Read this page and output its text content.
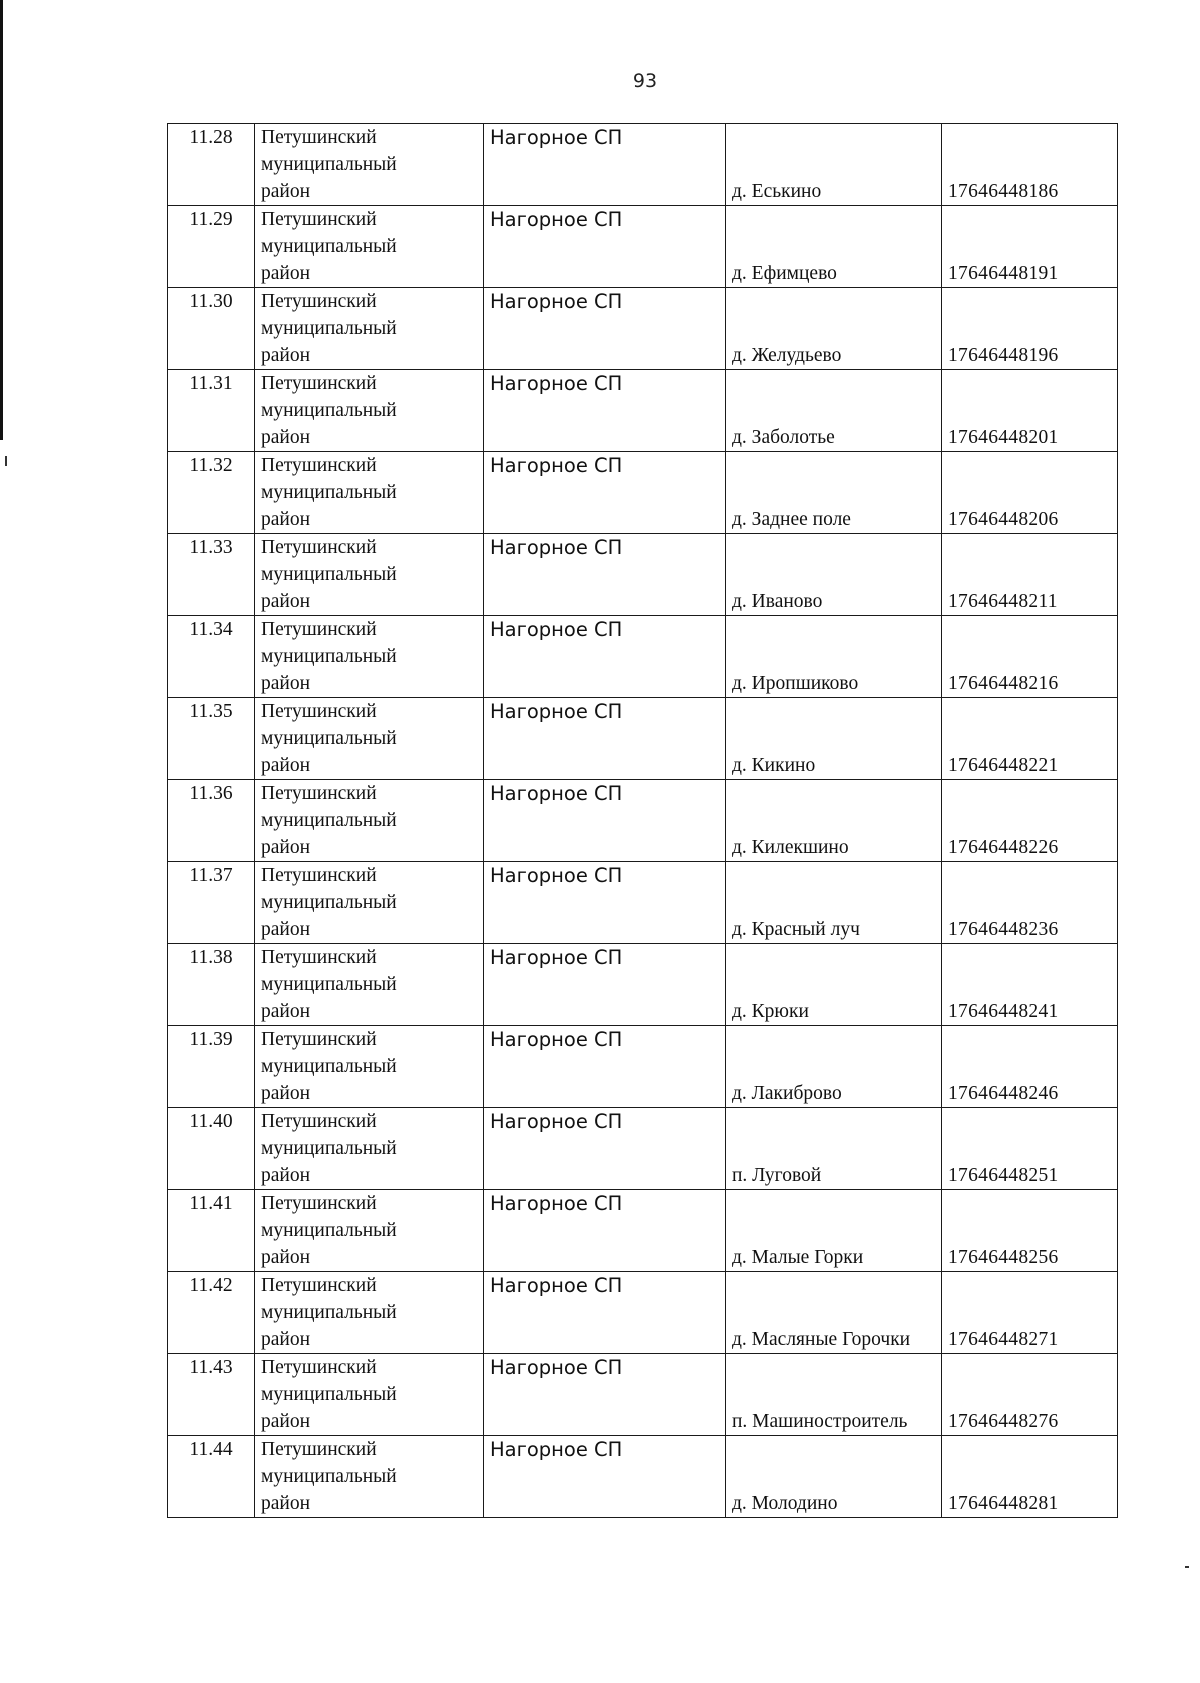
93
11.28	Петушинский
муниципальный
район	Нагорное СП	д. Еськино	17646448186
11.29	Петушинский
муниципальный
район	Нагорное СП	д. Ефимцево	17646448191
11.30	Петушинский
муниципальный
район	Нагорное СП	д. Желудьево	17646448196
11.31	Петушинский
муниципальный
район	Нагорное СП	д. Заболотье	17646448201
11.32	Петушинский
муниципальный
район	Нагорное СП	д. Заднее поле	17646448206
11.33	Петушинский
муниципальный
район	Нагорное СП	д. Иваново	17646448211
11.34	Петушинский
муниципальный
район	Нагорное СП	д. Иропшиково	17646448216
11.35	Петушинский
муниципальный
район	Нагорное СП	д. Кикино	17646448221
11.36	Петушинский
муниципальный
район	Нагорное СП	д. Килекшино	17646448226
11.37	Петушинский
муниципальный
район	Нагорное СП	д. Красный луч	17646448236
11.38	Петушинский
муниципальный
район	Нагорное СП	д. Крюки	17646448241
11.39	Петушинский
муниципальный
район	Нагорное СП	д. Лакиброво	17646448246
11.40	Петушинский
муниципальный
район	Нагорное СП	п. Луговой	17646448251
11.41	Петушинский
муниципальный
район	Нагорное СП	д. Малые Горки	17646448256
11.42	Петушинский
муниципальный
район	Нагорное СП	д. Масляные Горочки	17646448271
11.43	Петушинский
муниципальный
район	Нагорное СП	п. Машиностроитель	17646448276
11.44	Петушинский
муниципальный
район	Нагорное СП	д. Молодино	17646448281
